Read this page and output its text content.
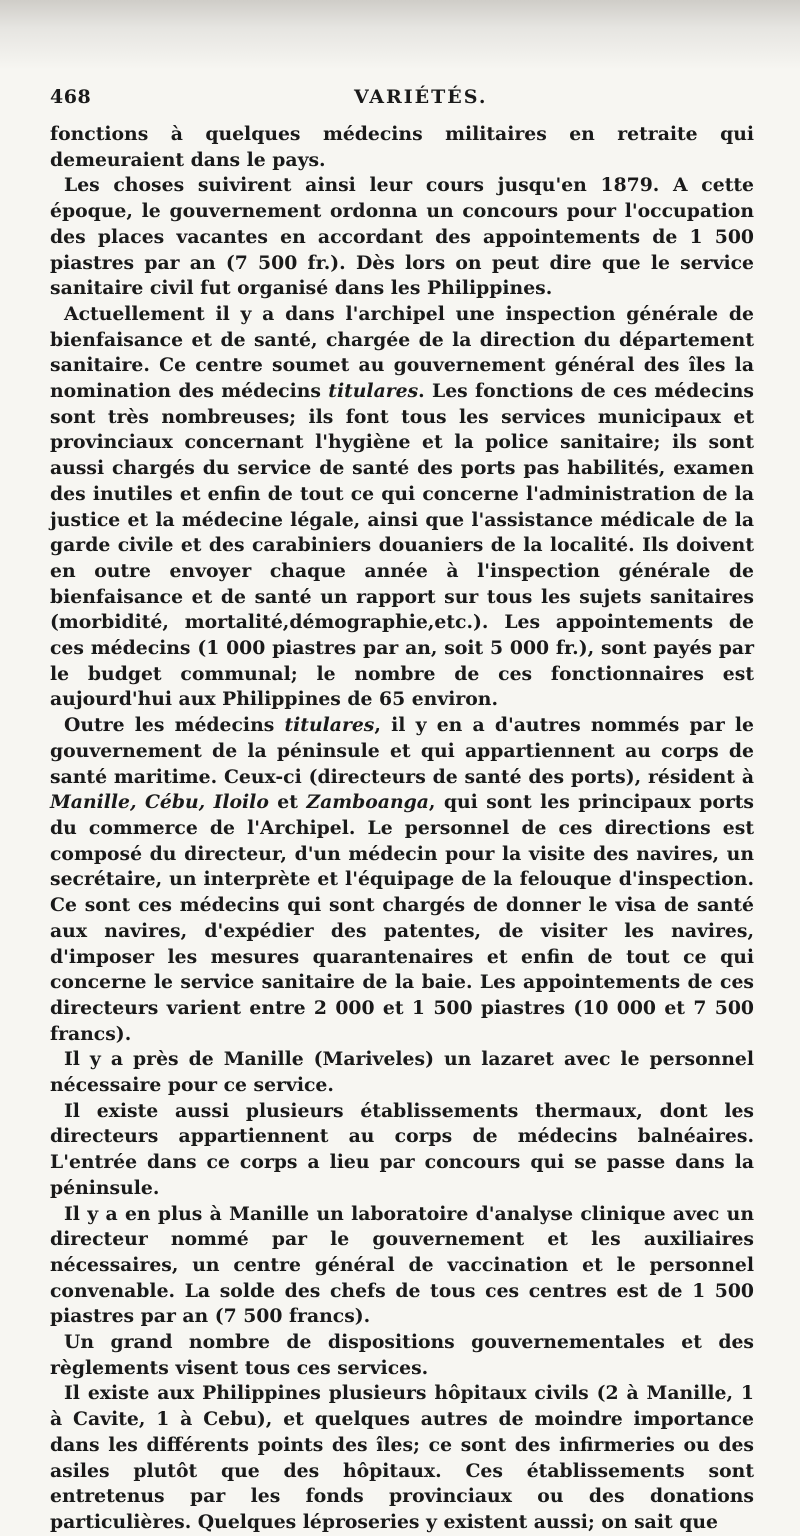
468	VARIÉTÉS.

fonctions à quelques médecins militaires en retraite qui demeuraient dans le pays.

Les choses suivirent ainsi leur cours jusqu'en 1879. A cette époque, le gouvernement ordonna un concours pour l'occupation des places vacantes en accordant des appointements de 1 500 piastres par an (7 500 fr.). Dès lors on peut dire que le service sanitaire civil fut organisé dans les Philippines.

Actuellement il y a dans l'archipel une inspection générale de bienfaisance et de santé, chargée de la direction du département sanitaire. Ce centre soumet au gouvernement général des îles la nomination des médecins titulares. Les fonctions de ces médecins sont très nombreuses; ils font tous les services municipaux et provinciaux concernant l'hygiène et la police sanitaire; ils sont aussi chargés du service de santé des ports pas habilités, examen des inutiles et enfin de tout ce qui concerne l'administration de la justice et la médecine légale, ainsi que l'assistance médicale de la garde civile et des carabiniers douaniers de la localité. Ils doivent en outre envoyer chaque année à l'inspection générale de bienfaisance et de santé un rapport sur tous les sujets sanitaires (morbidité, mortalité,démographie,etc.). Les appointements de ces médecins (1 000 piastres par an, soit 5 000 fr.), sont payés par le budget communal; le nombre de ces fonctionnaires est aujourd'hui aux Philippines de 65 environ.

Outre les médecins titulares, il y en a d'autres nommés par le gouvernement de la péninsule et qui appartiennent au corps de santé maritime. Ceux-ci (directeurs de santé des ports), résident à Manille, Cébu, Iloilo et Zamboanga, qui sont les principaux ports du commerce de l'Archipel. Le personnel de ces directions est composé du directeur, d'un médecin pour la visite des navires, un secrétaire, un interprète et l'équipage de la felouque d'inspection. Ce sont ces médecins qui sont chargés de donner le visa de santé aux navires, d'expédier des patentes, de visiter les navires, d'imposer les mesures quarantenaires et enfin de tout ce qui concerne le service sanitaire de la baie. Les appointements de ces directeurs varient entre 2 000 et 1 500 piastres (10 000 et 7 500 francs).

Il y a près de Manille (Mariveles) un lazaret avec le personnel nécessaire pour ce service.

Il existe aussi plusieurs établissements thermaux, dont les directeurs appartiennent au corps de médecins balnéaires. L'entrée dans ce corps a lieu par concours qui se passe dans la péninsule.

Il y a en plus à Manille un laboratoire d'analyse clinique avec un directeur nommé par le gouvernement et les auxiliaires nécessaires, un centre général de vaccination et le personnel convenable. La solde des chefs de tous ces centres est de 1 500 piastres par an (7 500 francs).

Un grand nombre de dispositions gouvernementales et des règlements visent tous ces services.

Il existe aux Philippines plusieurs hôpitaux civils (2 à Manille, 1 à Cavite, 1 à Cebu), et quelques autres de moindre importance dans les différents points des îles; ce sont des infirmeries ou des asiles plutôt que des hôpitaux. Ces établissements sont entretenus par les fonds provinciaux ou des donations particulières. Quelques léproseries y existent aussi; on sait que
